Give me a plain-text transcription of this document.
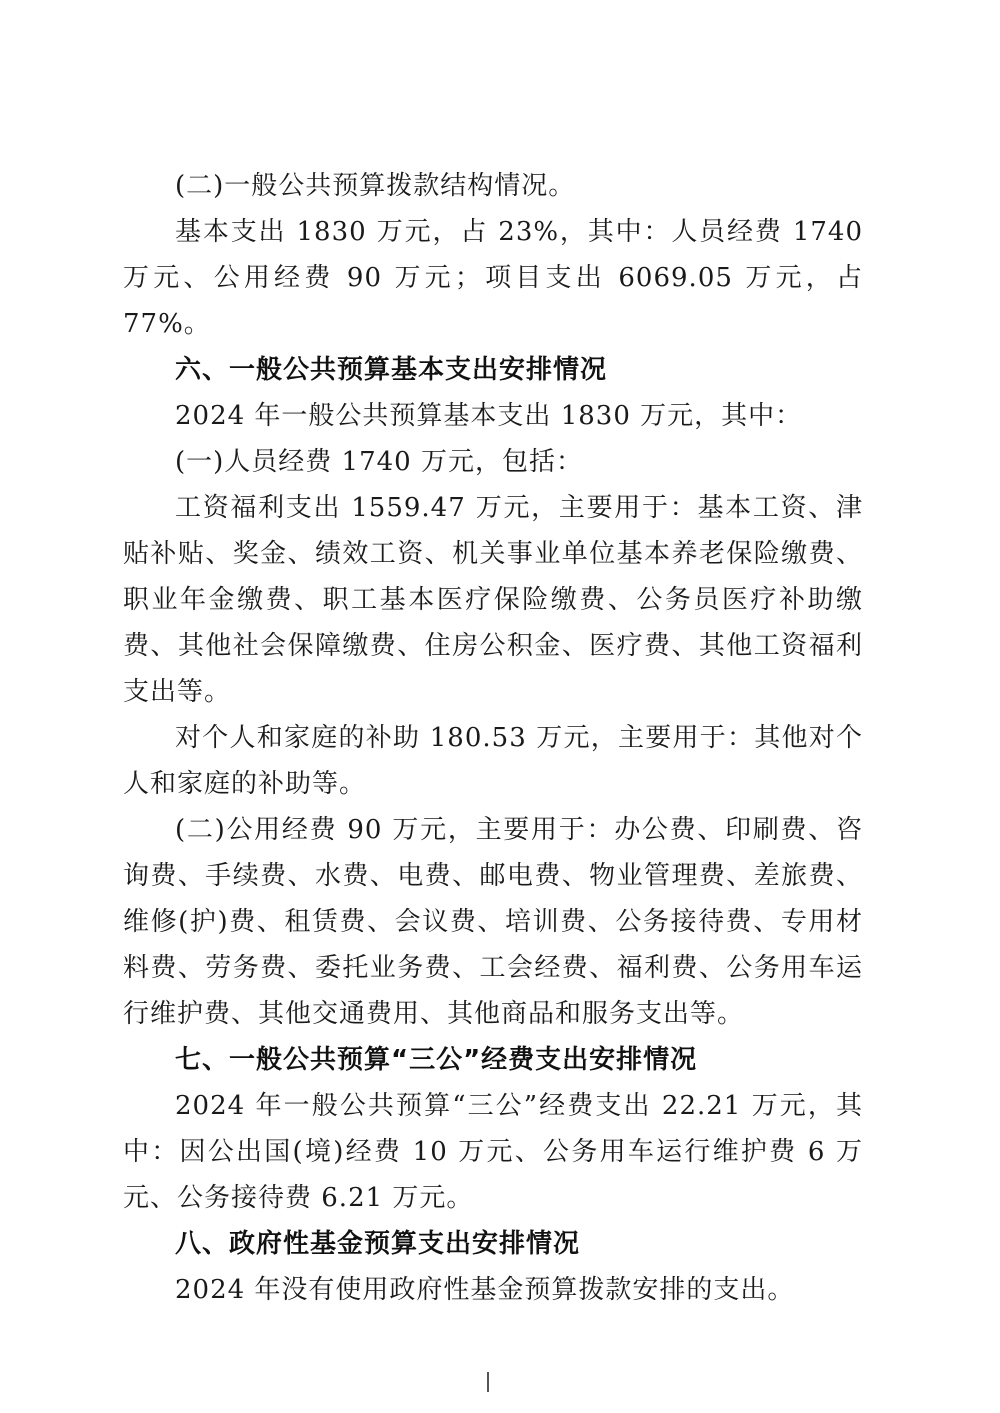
(二)一般公共预算拨款结构情况。

基本支出 1830 万元，占 23%，其中：人员经费 1740 万元、公用经费 90 万元；项目支出 6069.05 万元，占 77%。

六、一般公共预算基本支出安排情况

2024 年一般公共预算基本支出 1830 万元，其中：

(一)人员经费 1740 万元，包括：

工资福利支出 1559.47 万元，主要用于：基本工资、津贴补贴、奖金、绩效工资、机关事业单位基本养老保险缴费、职业年金缴费、职工基本医疗保险缴费、公务员医疗补助缴费、其他社会保障缴费、住房公积金、医疗费、其他工资福利支出等。

对个人和家庭的补助 180.53 万元，主要用于：其他对个人和家庭的补助等。

(二)公用经费 90 万元，主要用于：办公费、印刷费、咨询费、手续费、水费、电费、邮电费、物业管理费、差旅费、维修(护)费、租赁费、会议费、培训费、公务接待费、专用材料费、劳务费、委托业务费、工会经费、福利费、公务用车运行维护费、其他交通费用、其他商品和服务支出等。

七、一般公共预算“三公”经费支出安排情况

2024 年一般公共预算“三公”经费支出 22.21 万元，其中：因公出国(境)经费 10 万元、公务用车运行维护费 6 万元、公务接待费 6.21 万元。

八、政府性基金预算支出安排情况

2024 年没有使用政府性基金预算拨款安排的支出。
